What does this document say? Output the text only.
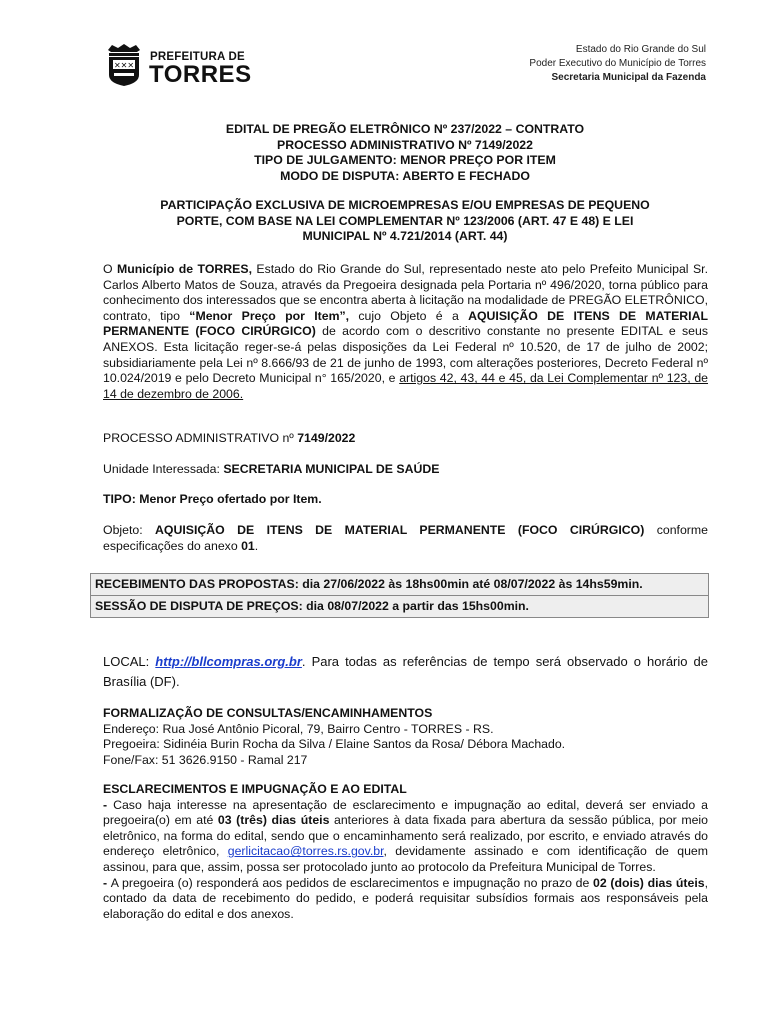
✕✕✕
PREFEITURA DE
TORRES
Estado do Rio Grande do Sul
Poder Executivo do Município de Torres
Secretaria Municipal da Fazenda
EDITAL DE PREGÃO ELETRÔNICO Nº 237/2022 – CONTRATO
PROCESSO ADMINISTRATIVO Nº 7149/2022
TIPO DE JULGAMENTO: MENOR PREÇO POR ITEM
MODO DE DISPUTA: ABERTO E FECHADO
PARTICIPAÇÃO EXCLUSIVA DE MICROEMPRESAS E/OU EMPRESAS DE PEQUENO
PORTE, COM BASE NA LEI COMPLEMENTAR Nº 123/2006 (ART. 47 E 48) E LEI
MUNICIPAL Nº 4.721/2014 (ART. 44)
O Município de TORRES, Estado do Rio Grande do Sul, representado neste ato pelo Prefeito Municipal Sr. Carlos Alberto Matos de Souza, através da Pregoeira designada pela Portaria nº 496/2020, torna público para conhecimento dos interessados que se encontra aberta à licitação na modalidade de PREGÃO ELETRÔNICO, contrato, tipo “Menor Preço por Item”, cujo Objeto é a AQUISIÇÃO DE ITENS DE MATERIAL PERMANENTE (FOCO CIRÚRGICO) de acordo com o descritivo constante no presente EDITAL e seus ANEXOS. Esta licitação reger-se-á pelas disposições da Lei Federal nº 10.520, de 17 de julho de 2002; subsidiariamente pela Lei nº 8.666/93 de 21 de junho de 1993, com alterações posteriores, Decreto Federal nº 10.024/2019 e pelo Decreto Municipal n° 165/2020, e artigos 42, 43, 44 e 45, da Lei Complementar nº 123, de 14 de dezembro de 2006.
PROCESSO ADMINISTRATIVO nº 7149/2022
Unidade Interessada: SECRETARIA MUNICIPAL DE SAÚDE
TIPO: Menor Preço ofertado por Item.
Objeto: AQUISIÇÃO DE ITENS DE MATERIAL PERMANENTE (FOCO CIRÚRGICO) conforme especificações do anexo 01.
RECEBIMENTO DAS PROPOSTAS: dia 27/06/2022 às 18hs00min até 08/07/2022 às 14hs59min.
SESSÃO DE DISPUTA DE PREÇOS: dia 08/07/2022 a partir das 15hs00min.
LOCAL: http://bllcompras.org.br. Para todas as referências de tempo será observado o horário de Brasília (DF).
FORMALIZAÇÃO DE CONSULTAS/ENCAMINHAMENTOS
Endereço: Rua José Antônio Picoral, 79, Bairro Centro - TORRES - RS.
Pregoeira: Sidinéia Burin Rocha da Silva / Elaine Santos da Rosa/ Débora Machado.
Fone/Fax: 51 3626.9150 - Ramal 217
ESCLARECIMENTOS E IMPUGNAÇÃO E AO EDITAL
- Caso haja interesse na apresentação de esclarecimento e impugnação ao edital, deverá ser enviado a pregoeira(o) em até 03 (três) dias úteis anteriores à data fixada para abertura da sessão pública, por meio eletrônico, na forma do edital, sendo que o encaminhamento será realizado, por escrito, e enviado através do endereço eletrônico, gerlicitacao@torres.rs.gov.br, devidamente assinado e com identificação de quem assinou, para que, assim, possa ser protocolado junto ao protocolo da Prefeitura Municipal de Torres.
- A pregoeira (o) responderá aos pedidos de esclarecimentos e impugnação no prazo de 02 (dois) dias úteis, contado da data de recebimento do pedido, e poderá requisitar subsídios formais aos responsáveis pela elaboração do edital e dos anexos.
